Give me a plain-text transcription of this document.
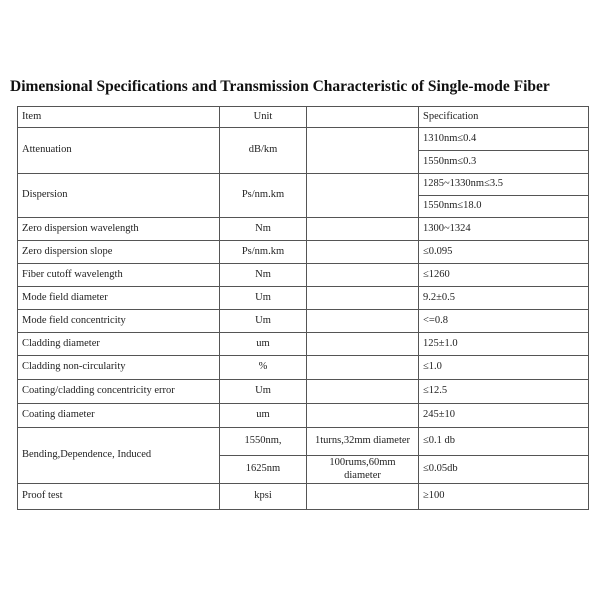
Dimensional Specifications and Transmission Characteristic of Single-mode Fiber
Item	Unit		Specification
Attenuation	dB/km		1310nm≤0.4
			1550nm≤0.3
Dispersion	Ps/nm.km		1285~1330nm≤3.5
			1550nm≤18.0
Zero dispersion wavelength	Nm		1300~1324
Zero dispersion slope	Ps/nm.km		≤0.095
Fiber cutoff wavelength	Nm		≤1260
Mode field diameter	Um		9.2±0.5
Mode field concentricity	Um		<=0.8
Cladding diameter	um		125±1.0
Cladding non-circularity	%		≤1.0
Coating/cladding concentricity error	Um		≤12.5
Coating diameter	um		245±10
Bending,Dependence, Induced	1550nm,	1turns,32mm diameter	≤0.1 db
	1625nm	100rums,60mm diameter	≤0.05db
Proof test	kpsi		≥100
